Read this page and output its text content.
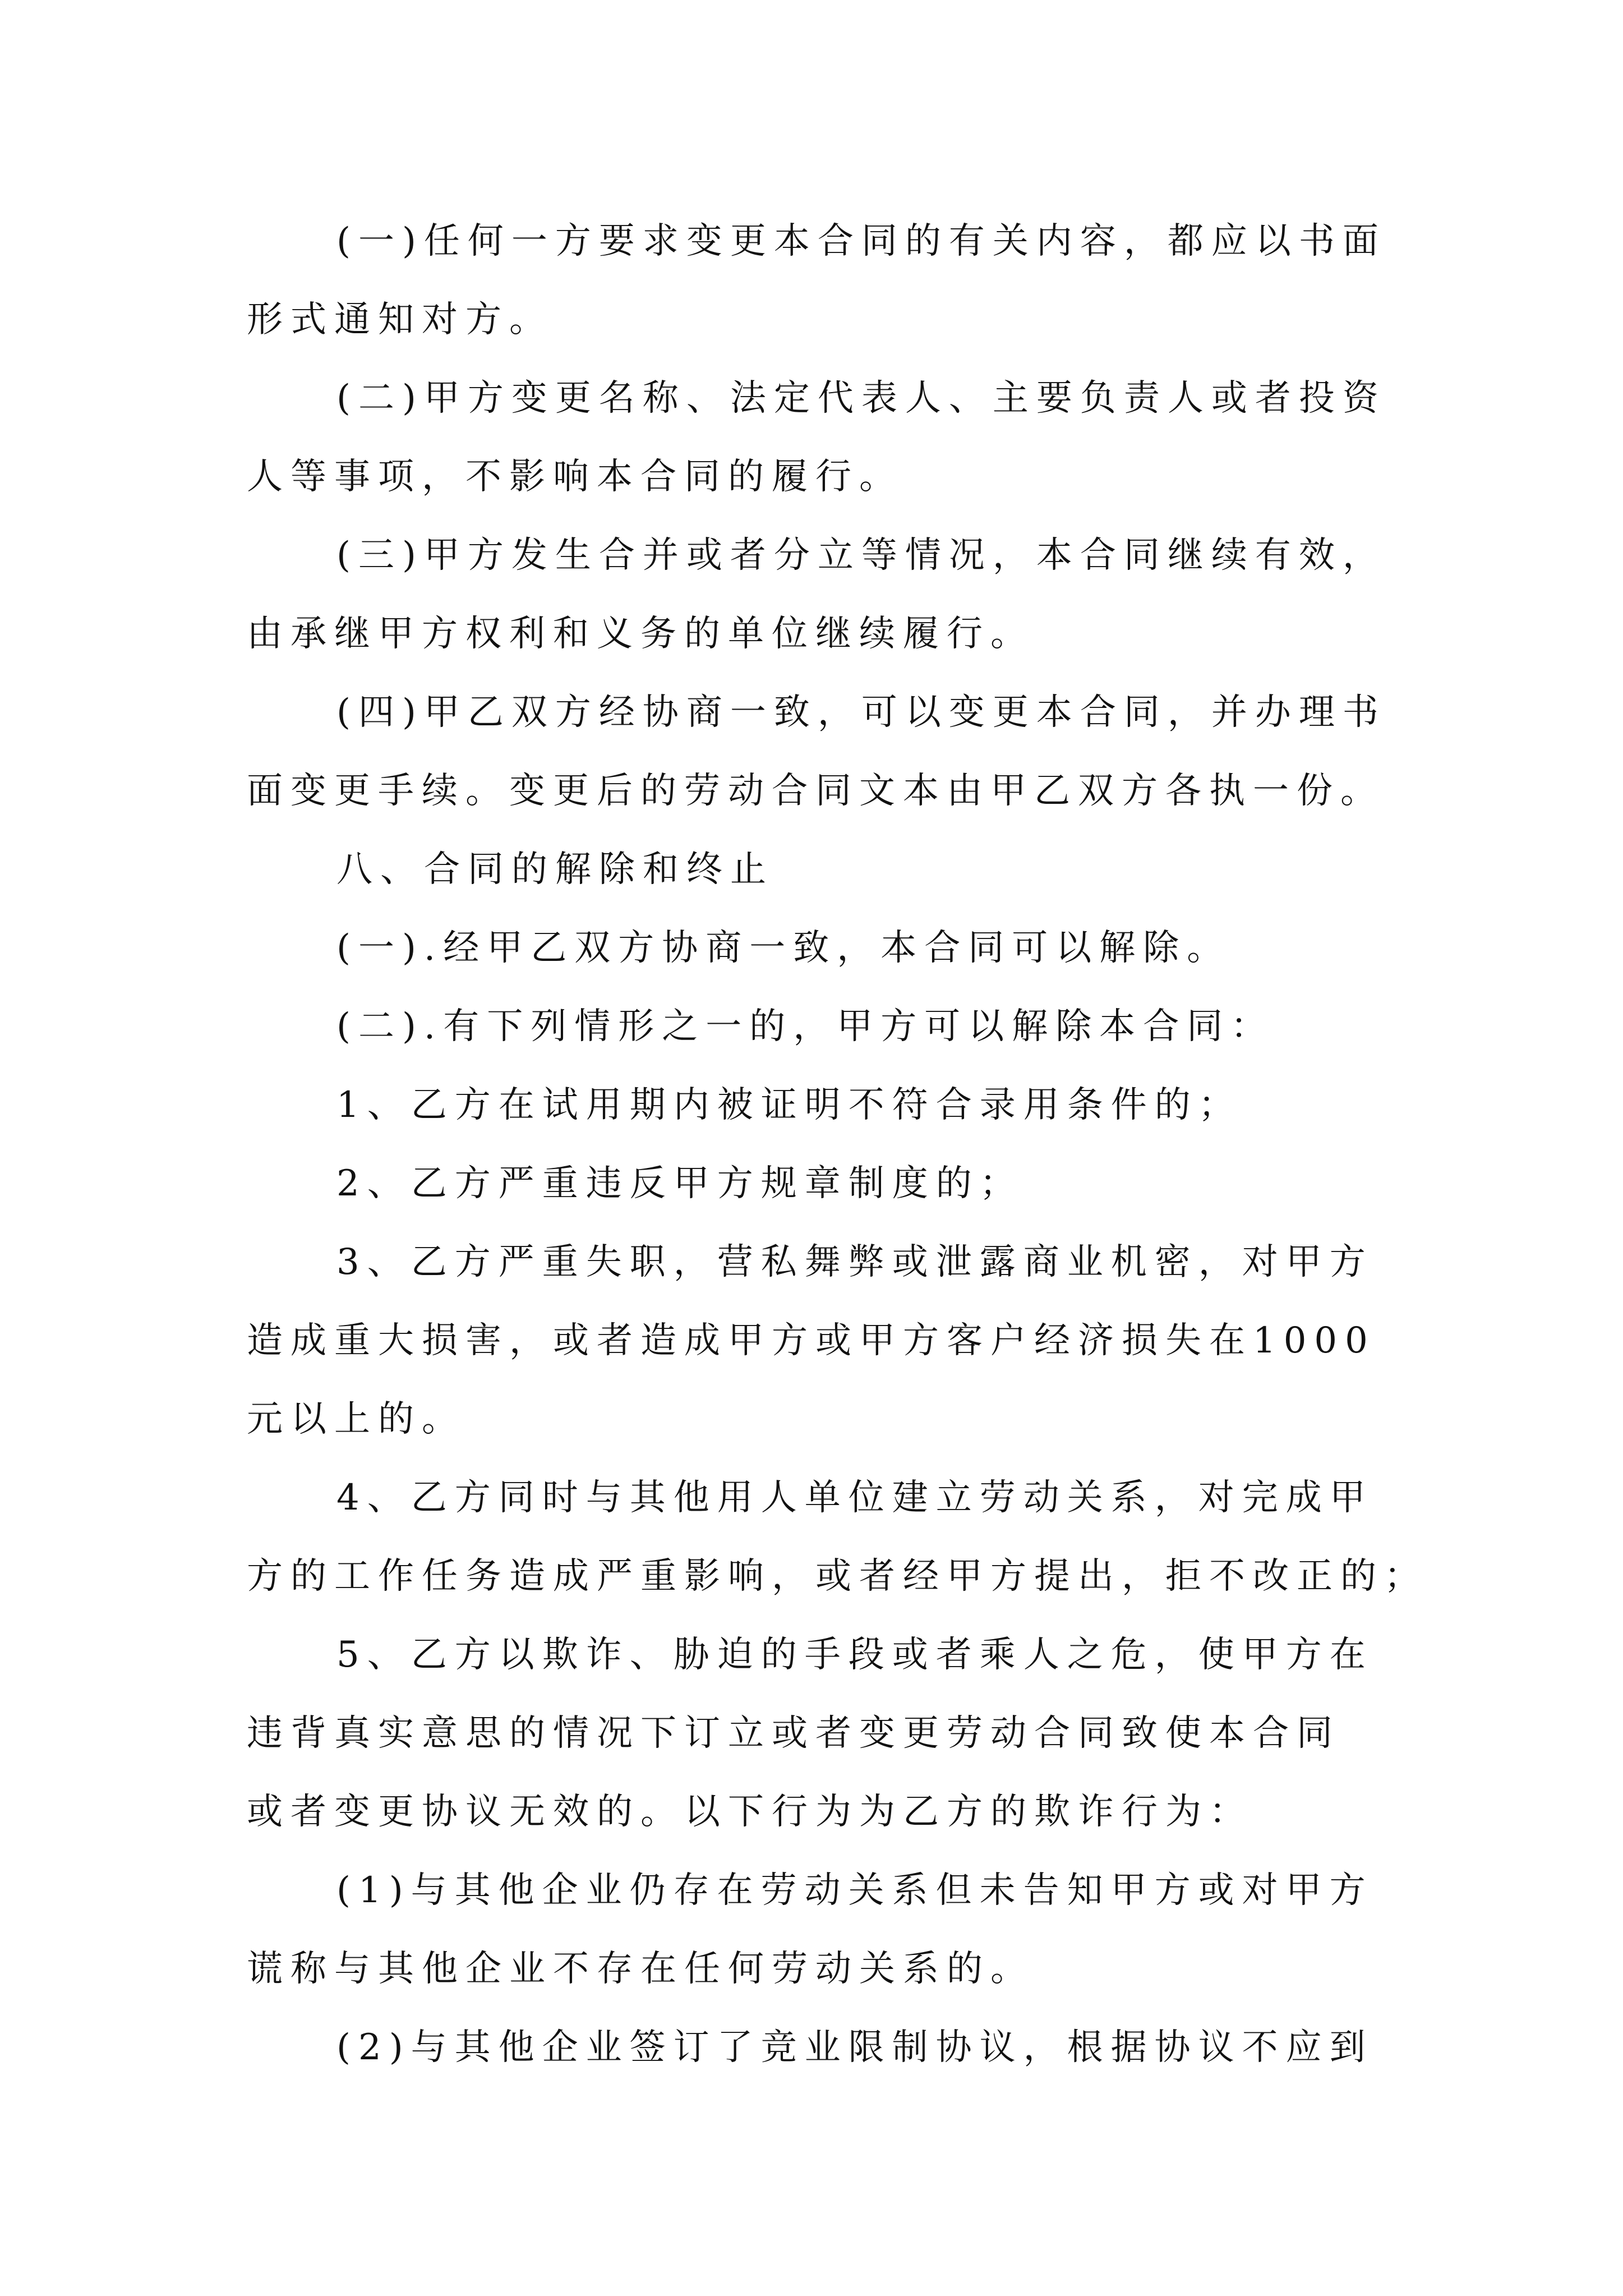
(一)任何一方要求变更本合同的有关内容，都应以书面
形式通知对方。
(二)甲方变更名称、法定代表人、主要负责人或者投资
人等事项，不影响本合同的履行。
(三)甲方发生合并或者分立等情况，本合同继续有效，
由承继甲方权利和义务的单位继续履行。
(四)甲乙双方经协商一致，可以变更本合同，并办理书
面变更手续。变更后的劳动合同文本由甲乙双方各执一份。
八、合同的解除和终止
(一).经甲乙双方协商一致，本合同可以解除。
(二).有下列情形之一的，甲方可以解除本合同：
1、乙方在试用期内被证明不符合录用条件的；
2、乙方严重违反甲方规章制度的；
3、乙方严重失职，营私舞弊或泄露商业机密，对甲方
造成重大损害，或者造成甲方或甲方客户经济损失在1000
元以上的。
4、乙方同时与其他用人单位建立劳动关系，对完成甲
方的工作任务造成严重影响，或者经甲方提出，拒不改正的；
5、乙方以欺诈、胁迫的手段或者乘人之危，使甲方在
违背真实意思的情况下订立或者变更劳动合同致使本合同
或者变更协议无效的。以下行为为乙方的欺诈行为：
(1)与其他企业仍存在劳动关系但未告知甲方或对甲方
谎称与其他企业不存在任何劳动关系的。
(2)与其他企业签订了竞业限制协议，根据协议不应到
